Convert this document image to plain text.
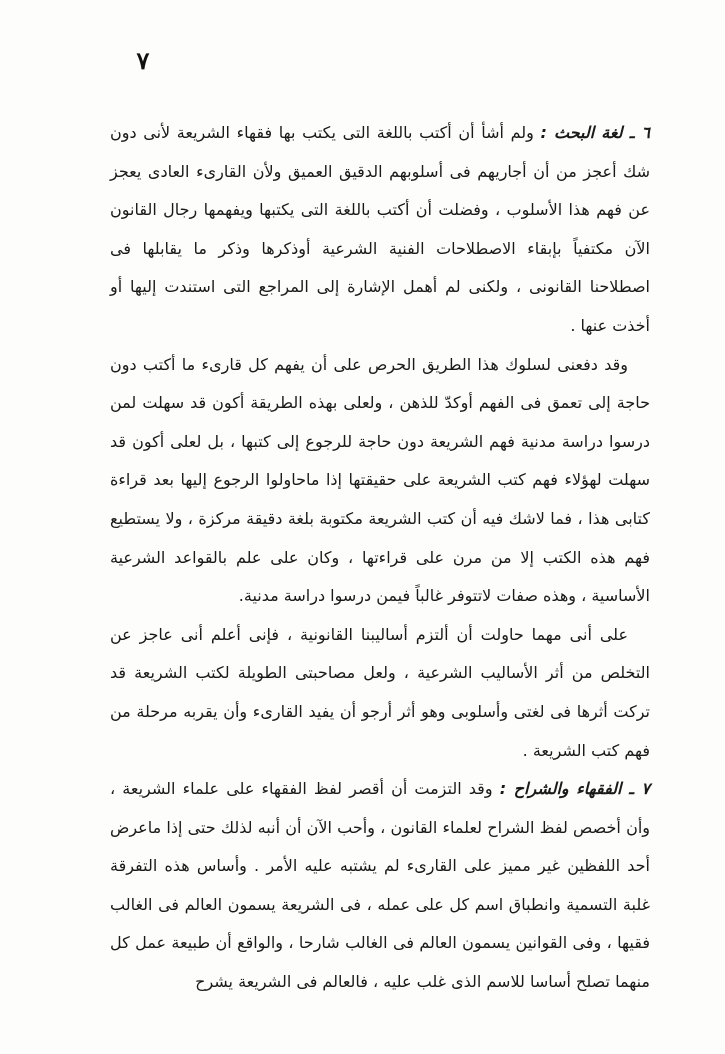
٧

٦ ـ لغة البحث : ولم أشأ أن أكتب باللغة التى يكتب بها فقهاء الشريعة لأنى دون شك أعجز من أن أجاريهم فى أسلوبهم الدقيق العميق ولأن القارىء العادى يعجز عن فهم هذا الأسلوب ، وفضلت أن أكتب باللغة التى يكتبها ويفهمها رجال القانون الآن مكتفياً بإبقاء الاصطلاحات الفنية الشرعية أوذكرها وذكر ما يقابلها فى اصطلاحنا القانونى ، ولكنى لم أهمل الإشارة إلى المراجع التى استندت إليها أو أخذت عنها .

وقد دفعنى لسلوك هذا الطريق الحرص على أن يفهم كل قارىء ما أكتب دون حاجة إلى تعمق فى الفهم أوكدّ للذهن ، ولعلى بهذه الطريقة أكون قد سهلت لمن درسوا دراسة مدنية فهم الشريعة دون حاجة للرجوع إلى كتبها ، بل لعلى أكون قد سهلت لهؤلاء فهم كتب الشريعة على حقيقتها إذا ماحاولوا الرجوع إليها بعد قراءة كتابى هذا ، فما لاشك فيه أن كتب الشريعة مكتوبة بلغة دقيقة مركزة ، ولا يستطيع فهم هذه الكتب إلا من مرن على قراءتها ، وكان على علم بالقواعد الشرعية الأساسية ، وهذه صفات لاتتوفر غالباً فيمن درسوا دراسة مدنية.

على أنى مهما حاولت أن ألتزم أساليبنا القانونية ، فإنى أعلم أنى عاجز عن التخلص من أثر الأساليب الشرعية ، ولعل مصاحبتى الطويلة لكتب الشريعة قد تركت أثرها فى لغتى وأسلوبى وهو أثر أرجو أن يفيد القارىء وأن يقربه مرحلة من فهم كتب الشريعة .

٧ ـ الفقهاء والشراح : وقد التزمت أن أقصر لفظ الفقهاء على علماء الشريعة ، وأن أخصص لفظ الشراح لعلماء القانون ، وأحب الآن أن أنبه لذلك حتى إذا ماعرض أحد اللفظين غير مميز على القارىء لم يشتبه عليه الأمر . وأساس هذه التفرقة غلبة التسمية وانطباق اسم كل على عمله ، فى الشريعة يسمون العالم فى الغالب فقيها ، وفى القوانين يسمون العالم فى الغالب شارحا ، والواقع أن طبيعة عمل كل منهما تصلح أساسا للاسم الذى غلب عليه ، فالعالم فى الشريعة يشرح
